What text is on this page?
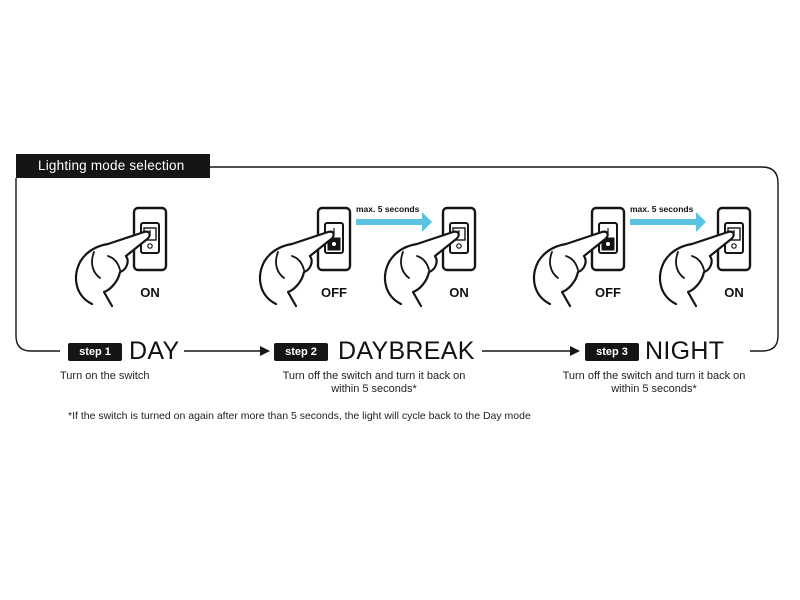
max. 5 seconds	max. 5 seconds
ON	OFF	ON	OFF	ON
Lighting mode selection
step 1 DAY
Turn on the switch
step 2 DAYBREAK
Turn off the switch and turn it back on within 5 seconds*
step 3 NIGHT
Turn off the switch and turn it back on within 5 seconds*
*If the switch is turned on again after more than 5 seconds, the light will cycle back to the Day mode
